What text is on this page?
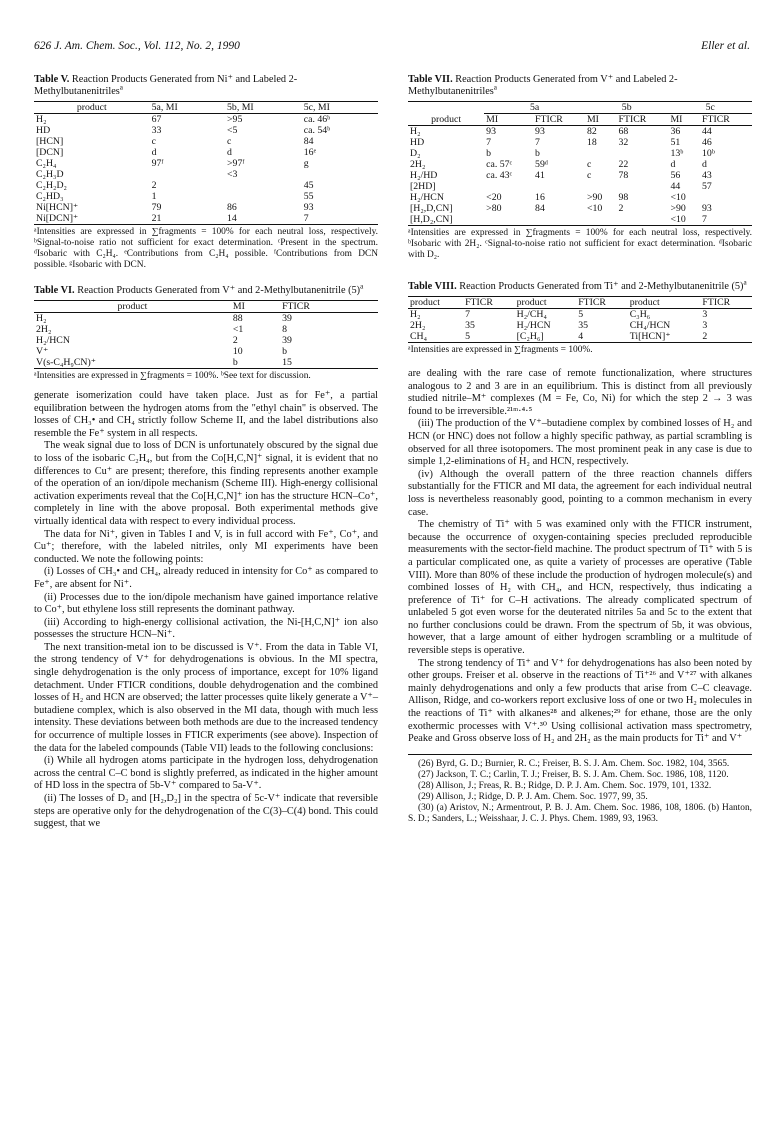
626 J. Am. Chem. Soc., Vol. 112, No. 2, 1990	Eller et al.
Table V. Reaction Products Generated from Ni⁺ and Labeled 2-Methylbutanenitriles$^a$
product	5a, MI	5b, MI	5c, MI
H₂	67	>95	ca. 46ᵇ
HD	33	<5	ca. 54ᵇ
[HCN]	c	c	84
[DCN]	d	d	16ᵉ
C₂H₄	97ᶠ	>97ᶠ	g
C₂H₃D		<3	
C₂H₂D₂	2		45
C₂HD₃	1		55
Ni[HCN]⁺	79	86	93
Ni[DCN]⁺	21	14	7
ᵃIntensities are expressed in ∑fragments = 100% for each neutral loss, respectively. ᵇSignal-to-noise ratio not sufficient for exact determination. ᶜPresent in the spectrum. ᵈIsobaric with C₂H₄. ᵉContributions from C₂H₄ possible. ᶠContributions from DCN possible. ᵍIsobaric with DCN.
Table VI. Reaction Products Generated from V⁺ and 2-Methylbutanenitrile $(5)^a$
product	MI	FTICR
H₂	88	39
2H₂	<1	8
H₂/HCN	2	39
V⁺	10	b
V(s-C₄H₉CN)⁺	b	15
ᵃIntensities are expressed in ∑fragments = 100%. ᵇSee text for discussion.

generate isomerization could have taken place. Just as for Fe⁺, a partial equilibration between the hydrogen atoms from the "ethyl chain" is observed. The losses of CH₃• and CH₄ strictly follow Scheme II, and the label distributions also resemble the Fe⁺ system in all respects.

The weak signal due to loss of DCN is unfortunately obscured by the signal due to loss of the isobaric C₂H₄, but from the Co[H,C,N]⁺ signal, it is evident that no differences to Cu⁺ are present; therefore, this finding represents another example of the operation of an ion/dipole mechanism (Scheme III). High-energy collisional activation experiments reveal that the Co[H,C,N]⁺ ion has the structure HCN–Co⁺, completely in line with the above proposal. Both experimental methods give virtually identical data with respect to every individual process.

The data for Ni⁺, given in Tables I and V, is in full accord with Fe⁺, Co⁺, and Cu⁺; therefore, with the labeled nitriles, only MI experiments have been conducted. We note the following points:

(i) Losses of CH₃• and CH₄, already reduced in intensity for Co⁺ as compared to Fe⁺, are absent for Ni⁺.

(ii) Processes due to the ion/dipole mechanism have gained importance relative to Co⁺, but ethylene loss still represents the dominant pathway.

(iii) According to high-energy collisional activation, the Ni-[H,C,N]⁺ ion also possesses the structure HCN–Ni⁺.

The next transition-metal ion to be discussed is V⁺. From the data in Table VI, the strong tendency of V⁺ for dehydrogenations is obvious. In the MI spectra, single dehydrogenation is the only process of importance, except for 10% ligand detachment. Under FTICR conditions, double dehydrogenation and the combined losses of H₂ and HCN are observed; the latter processes quite likely generate a V⁺–butadiene complex, which is also observed in the MI data, though with much less intensity. These deviations between both methods are due to the increased tendency for occurrence of multiple losses in FTICR experiments (see above). Inspection of the data for the labeled compounds (Table VII) leads to the following conclusions:

(i) While all hydrogen atoms participate in the hydrogen loss, dehydrogenation across the central C–C bond is slightly preferred, as indicated in the higher amount of HD loss in the spectra of 5b-V⁺ compared to 5a-V⁺.

(ii) The losses of D₂ and [H₂,D₂] in the spectra of 5c-V⁺ indicate that reversible steps are operative only for the dehydrogenation of the C(3)–C(4) bond. This could suggest, that we

Table VII. Reaction Products Generated from V⁺ and Labeled 2-Methylbutanenitriles$^a$
	5a		5b		5c	
product	MI	FTICR	MI	FTICR	MI	FTICR
H₂	93	93	82	68	36	44
HD	7	7	18	32	51	46
D₂	b	b			13ᵇ	10ᵇ
2H₂	ca. 57ᶜ	59ᵈ	c	22	d	d
H₂/HD	ca. 43ᶜ	41	c	78	56	43
[2HD]					44	57
H₂/HCN	<20	16	>90	98	<10	
[H₂,D,CN]	>80	84	<10	2	>90	93
[H,D₂,CN]					<10	7
ᵃIntensities are expressed in ∑fragments = 100% for each neutral loss, respectively. ᵇIsobaric with 2H₂. ᶜSignal-to-noise ratio not sufficient for exact determination. ᵈIsobaric with D₂.
Table VIII. Reaction Products Generated from Ti⁺ and 2-Methylbutanenitrile $(5)^a$
product	FTICR	product	FTICR	product	FTICR
H₂	7	H₂/CH₄	5	C₃H₆	3
2H₂	35	H₂/HCN	35	CH₄/HCN	3
CH₄	5	[C₂H₆]	4	Ti[HCN]⁺	2
ᵃIntensities are expressed in ∑fragments = 100%.

are dealing with the rare case of remote functionalization, where structures analogous to 2 and 3 are in an equilibrium. This is distinct from all previously studied nitrile–M⁺ complexes (M = Fe, Co, Ni) for which the step 2 → 3 was found to be irreversible.²¹ᵐ·⁴·⁵

(iii) The production of the V⁺–butadiene complex by combined losses of H₂ and HCN (or HNC) does not follow a highly specific pathway, as partial scrambling is observed for all three isotopomers. The most prominent peak in any case is due to simple 1,2-eliminations of H₂ and HCN, respectively.

(iv) Although the overall pattern of the three reaction channels differs substantially for the FTICR and MI data, the agreement for each individual neutral loss is nevertheless reasonably good, pointing to a common mechanism in every case.

The chemistry of Ti⁺ with 5 was examined only with the FTICR instrument, because the occurrence of oxygen-containing species precluded reproducible measurements with the sector-field machine. The product spectrum of Ti⁺ with 5 is a particular complicated one, as quite a variety of processes are operative (Table VIII). More than 80% of these include the production of hydrogen molecule(s) and combined losses of H₂ with CH₄, and HCN, respectively, thus indicating a preference of Ti⁺ for C–H activations. The already complicated spectrum of unlabeled 5 got even worse for the deuterated nitriles 5a and 5c to the extent that no further conclusions could be drawn. From the spectrum of 5b, it was obvious, however, that a large amount of either hydrogen scrambling or a multitude of reversible steps is operative.

The strong tendency of Ti⁺ and V⁺ for dehydrogenations has also been noted by other groups. Freiser et al. observe in the reactions of Ti⁺²⁶ and V⁺²⁷ with alkanes mainly dehydrogenations and only a few products that arise from C–C cleavage. Allison, Ridge, and co-workers report exclusive loss of one or two H₂ molecules in the reactions of Ti⁺ with alkanes²⁸ and alkenes;²⁹ for ethane, those are the only exothermic processes with V⁺.³⁰ Using collisional activation mass spectrometry, Peake and Gross observe loss of H₂ and 2H₂ as the main products for Ti⁺ and V⁺

(26) Byrd, G. D.; Burnier, R. C.; Freiser, B. S. J. Am. Chem. Soc. 1982, 104, 3565.
(27) Jackson, T. C.; Carlin, T. J.; Freiser, B. S. J. Am. Chem. Soc. 1986, 108, 1120.
(28) Allison, J.; Freas, R. B.; Ridge, D. P. J. Am. Chem. Soc. 1979, 101, 1332.
(29) Allison, J.; Ridge, D. P. J. Am. Chem. Soc. 1977, 99, 35.
(30) (a) Aristov, N.; Armentrout, P. B. J. Am. Chem. Soc. 1986, 108, 1806. (b) Hanton, S. D.; Sanders, L.; Weisshaar, J. C. J. Phys. Chem. 1989, 93, 1963.
